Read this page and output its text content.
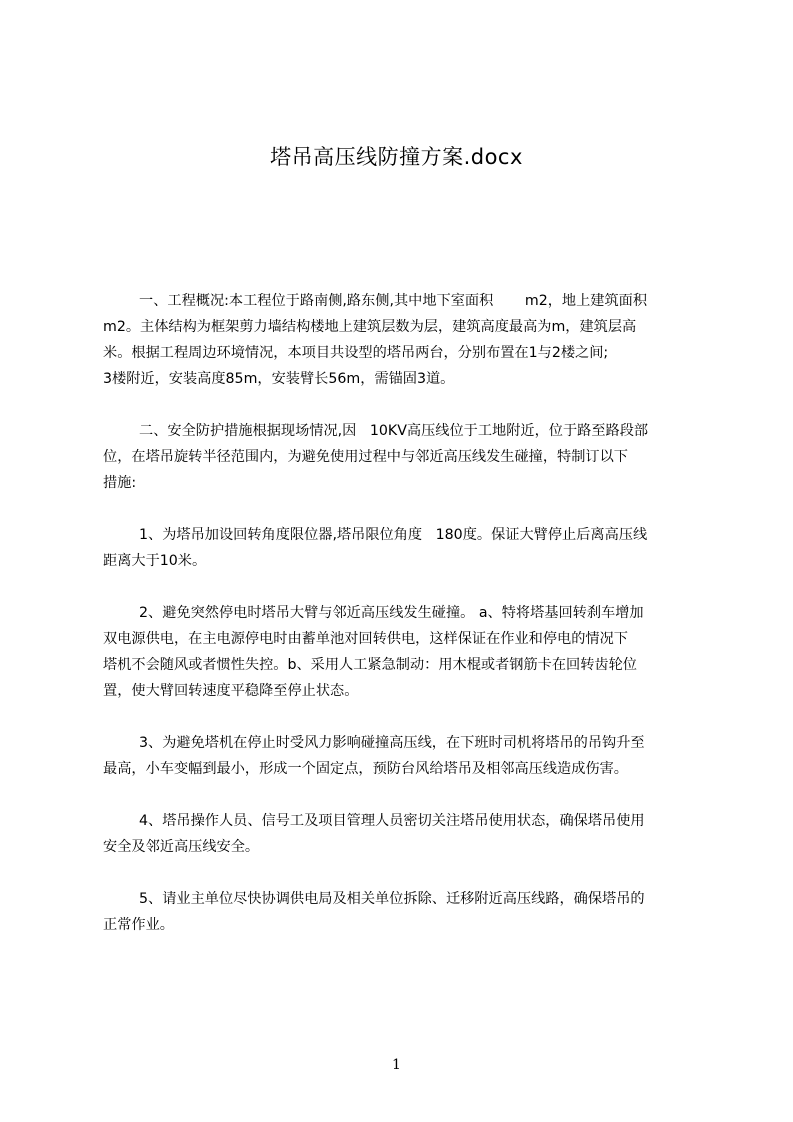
塔吊高压线防撞方案.docx
一、工程概况:本工程位于路南侧,路东侧,其中地下室面积       m2，地上建筑面积
m2。主体结构为框架剪力墙结构楼地上建筑层数为层，建筑高度最高为m，建筑层高
米。根据工程周边环境情况，本项目共设型的塔吊两台，分别布置在1与2楼之间;
3楼附近，安装高度85m，安装臂长56m，需锚固3道。
二、安全防护措施根据现场情况,因   10KV高压线位于工地附近，位于路至路段部
位，在塔吊旋转半径范围内，为避免使用过程中与邻近高压线发生碰撞，特制订以下
措施:
1、为塔吊加设回转角度限位器,塔吊限位角度   180度。保证大臂停止后离高压线
距离大于10米。
2、避免突然停电时塔吊大臂与邻近高压线发生碰撞。 a、特将塔基回转刹车增加
双电源供电，在主电源停电时由蓄单池对回转供电，这样保证在作业和停电的情况下
塔机不会随风或者惯性失控。b、采用人工紧急制动：用木棍或者钢筋卡在回转齿轮位
置，使大臂回转速度平稳降至停止状态。
3、为避免塔机在停止时受风力影响碰撞高压线，在下班时司机将塔吊的吊钩升至
最高，小车变幅到最小，形成一个固定点，预防台风给塔吊及相邻高压线造成伤害。
4、塔吊操作人员、信号工及项目管理人员密切关注塔吊使用状态，确保塔吊使用
安全及邻近高压线安全。
5、请业主单位尽快协调供电局及相关单位拆除、迁移附近高压线路，确保塔吊的
正常作业。
1
